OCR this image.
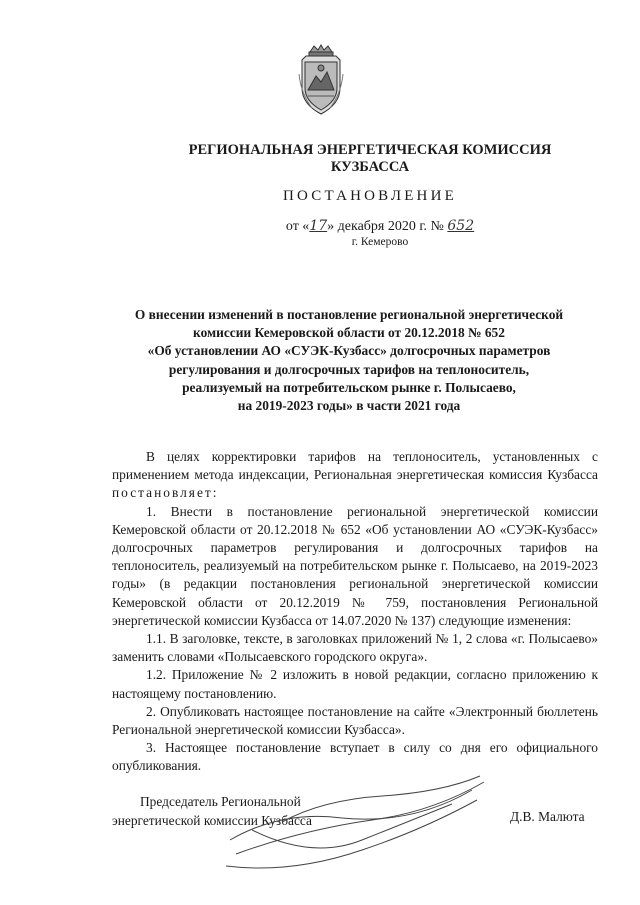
РЕГИОНАЛЬНАЯ ЭНЕРГЕТИЧЕСКАЯ КОМИССИЯ
КУЗБАССА
ПОСТАНОВЛЕНИЕ
от «17» декабря 2020 г. № 652
г. Кемерово
О внесении изменений в постановление региональной энергетической
комиссии Кемеровской области от 20.12.2018 № 652
«Об установлении АО «СУЭК-Кузбасс» долгосрочных параметров
регулирования и долгосрочных тарифов на теплоноситель,
реализуемый на потребительском рынке г. Полысаево,
на 2019-2023 годы» в части 2021 года

В целях корректировки тарифов на теплоноситель, установленных с применением метода индексации, Региональная энергетическая комиссия Кузбасса постановляет:

1. Внести в постановление региональной энергетической комиссии Кемеровской области от 20.12.2018 № 652 «Об установлении АО «СУЭК-Кузбасс» долгосрочных параметров регулирования и долгосрочных тарифов на теплоноситель, реализуемый на потребительском рынке г. Полысаево, на 2019-2023 годы» (в редакции постановления региональной энергетической комиссии Кемеровской области от 20.12.2019 № 759, постановления Региональной энергетической комиссии Кузбасса от 14.07.2020 № 137) следующие изменения:

1.1. В заголовке, тексте, в заголовках приложений № 1, 2 слова «г. Полысаево» заменить словами «Полысаевского городского округа».

1.2. Приложение № 2 изложить в новой редакции, согласно приложению к настоящему постановлению.

2. Опубликовать настоящее постановление на сайте «Электронный бюллетень Региональной энергетической комиссии Кузбасса».

3. Настоящее постановление вступает в силу со дня его официального опубликования.

Председатель Региональной
энергетической комиссии Кузбасса	Д.В. Малюта
